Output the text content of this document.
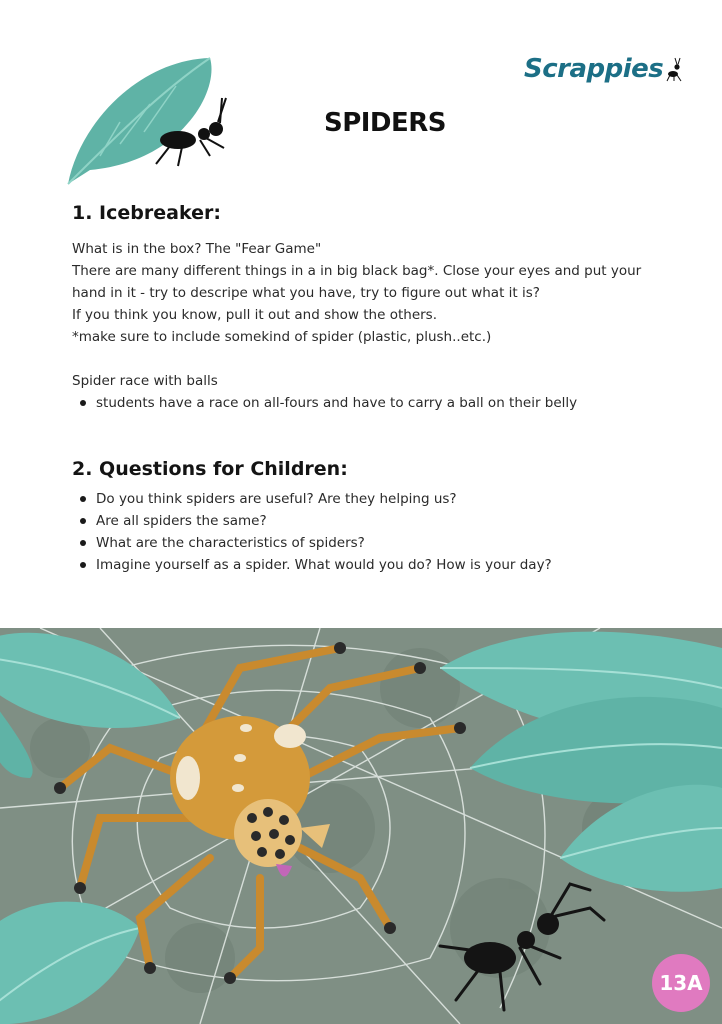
Scrappies
SPIDERS
1. Icebreaker:

What is in the box? The "Fear Game"

There are many different things in a in big black bag*. Close your eyes and put your

hand in it - try to descripe what you have, try to figure out what it is?

If you think you know, pull it out and show the others.

*make sure to include somekind of spider (plastic, plush..etc.)

Spider race with balls

students have a race on all-fours and have to carry a ball on their belly
2. Questions for Children:
Do you think spiders are useful? Are they helping us?
Are all spiders the same?
What are the characteristics of spiders?
Imagine yourself as a spider. What would you do? How is your day?
13A
